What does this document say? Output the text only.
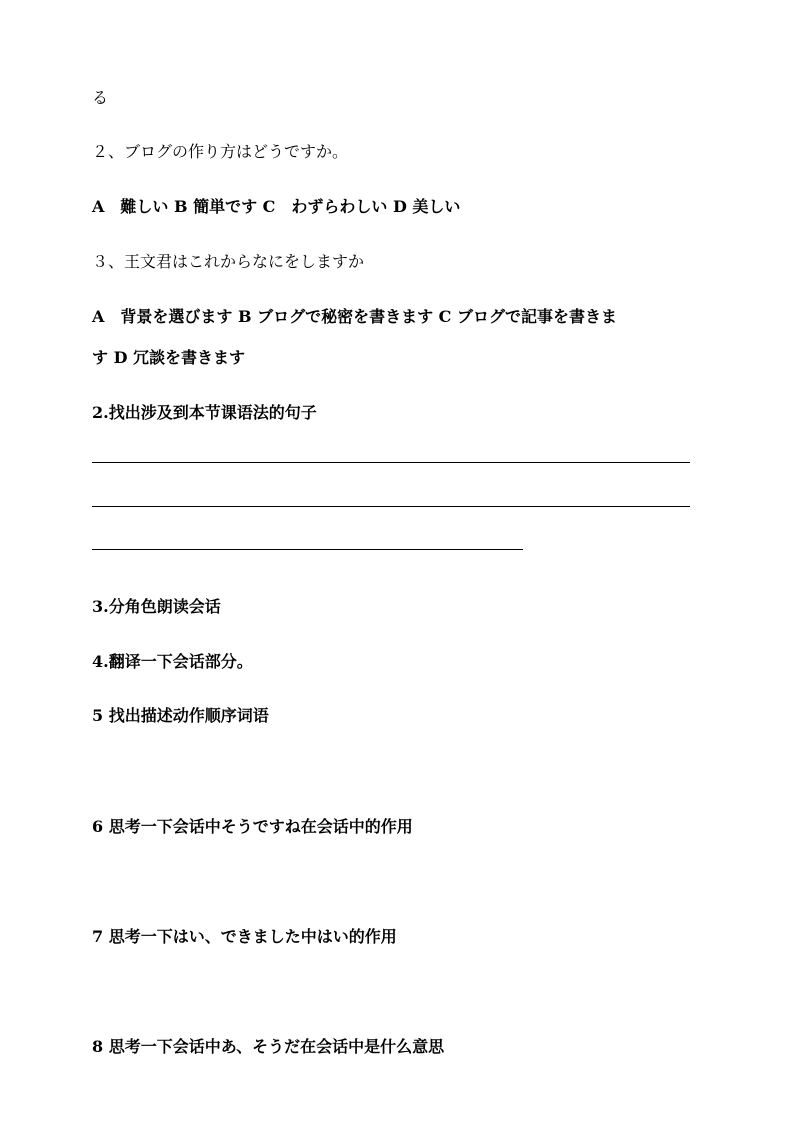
る
２、ブログの作り方はどうですか。
A　難しい B 簡単です C　わずらわしい D 美しい
３、王文君はこれからなにをしますか
A　背景を選びます B ブログで秘密を書きます C ブログで記事を書きま
す D 冗談を書きます
2.找出涉及到本节课语法的句子
3.分角色朗读会话
4.翻译一下会话部分。
5 找出描述动作顺序词语
6 思考一下会话中そうですね在会话中的作用
7 思考一下はい、できました中はい的作用
8 思考一下会话中あ、そうだ在会话中是什么意思
